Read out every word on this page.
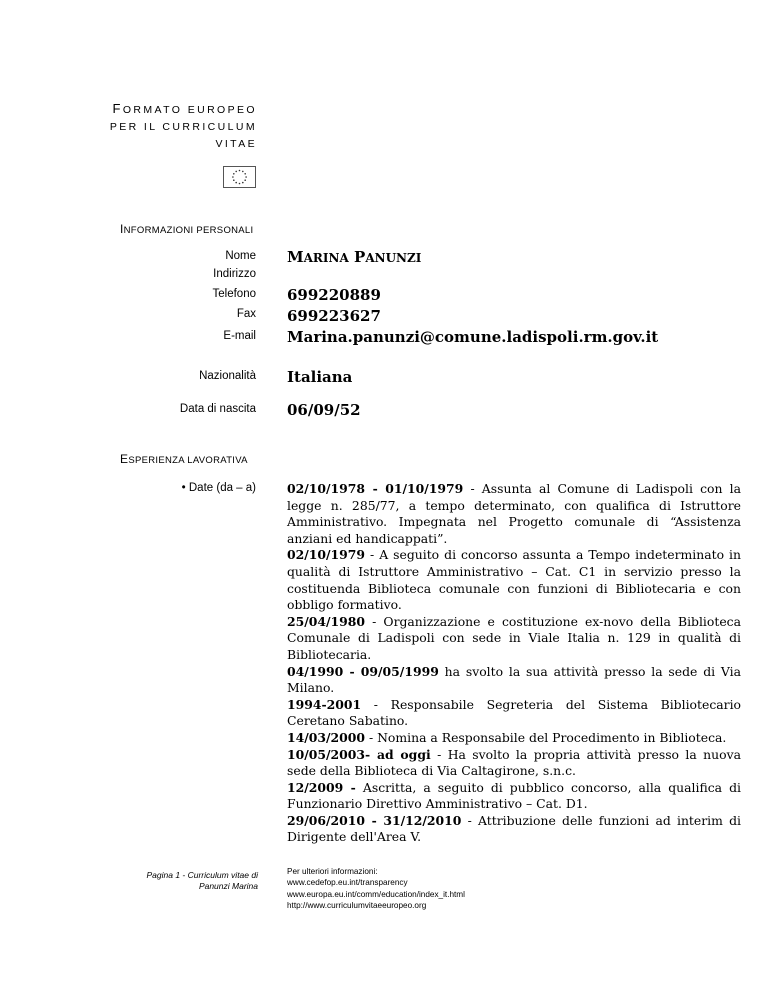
FORMATO EUROPEO
PER IL CURRICULUM
VITAE
INFORMAZIONI PERSONALI
Nome MARINA PANUNZI
Indirizzo
Telefono 699220889
Fax 699223627
E-mail Marina.panunzi@comune.ladispoli.rm.gov.it
Nazionalità Italiana
Data di nascita 06/09/52
ESPERIENZA LAVORATIVA
• Date (da – a)	02/10/1978 - 01/10/1979 - Assunta al Comune di Ladispoli con la legge n. 285/77, a tempo determinato, con qualifica di Istruttore Amministrativo. Impegnata nel Progetto comunale di “Assistenza anziani ed handicappati”.

02/10/1979 - A seguito di concorso assunta a Tempo indeterminato in qualità di Istruttore Amministrativo – Cat. C1 in servizio presso la costituenda Biblioteca comunale con funzioni di Bibliotecaria e con obbligo formativo.

25/04/1980 - Organizzazione e costituzione ex-novo della Biblioteca Comunale di Ladispoli con sede in Viale Italia n. 129 in qualità di Bibliotecaria.

04/1990 - 09/05/1999 ha svolto la sua attività presso la sede di Via Milano.

1994-2001 - Responsabile Segreteria del Sistema Bibliotecario Ceretano Sabatino.

14/03/2000 - Nomina a Responsabile del Procedimento in Biblioteca.

10/05/2003- ad oggi - Ha svolto la propria attività presso la nuova sede della Biblioteca di Via Caltagirone, s.n.c.

12/2009 - Ascritta, a seguito di pubblico concorso, alla qualifica di Funzionario Direttivo Amministrativo – Cat. D1.

29/06/2010 - 31/12/2010 - Attribuzione delle funzioni ad interim di Dirigente dell'Area V.

Pagina 1 - Curriculum vitae di
Panunzi Marina
Per ulteriori informazioni:
www.cedefop.eu.int/transparency
www.europa.eu.int/comm/education/index_it.html
http://www.curriculumvitaeeuropeo.org
